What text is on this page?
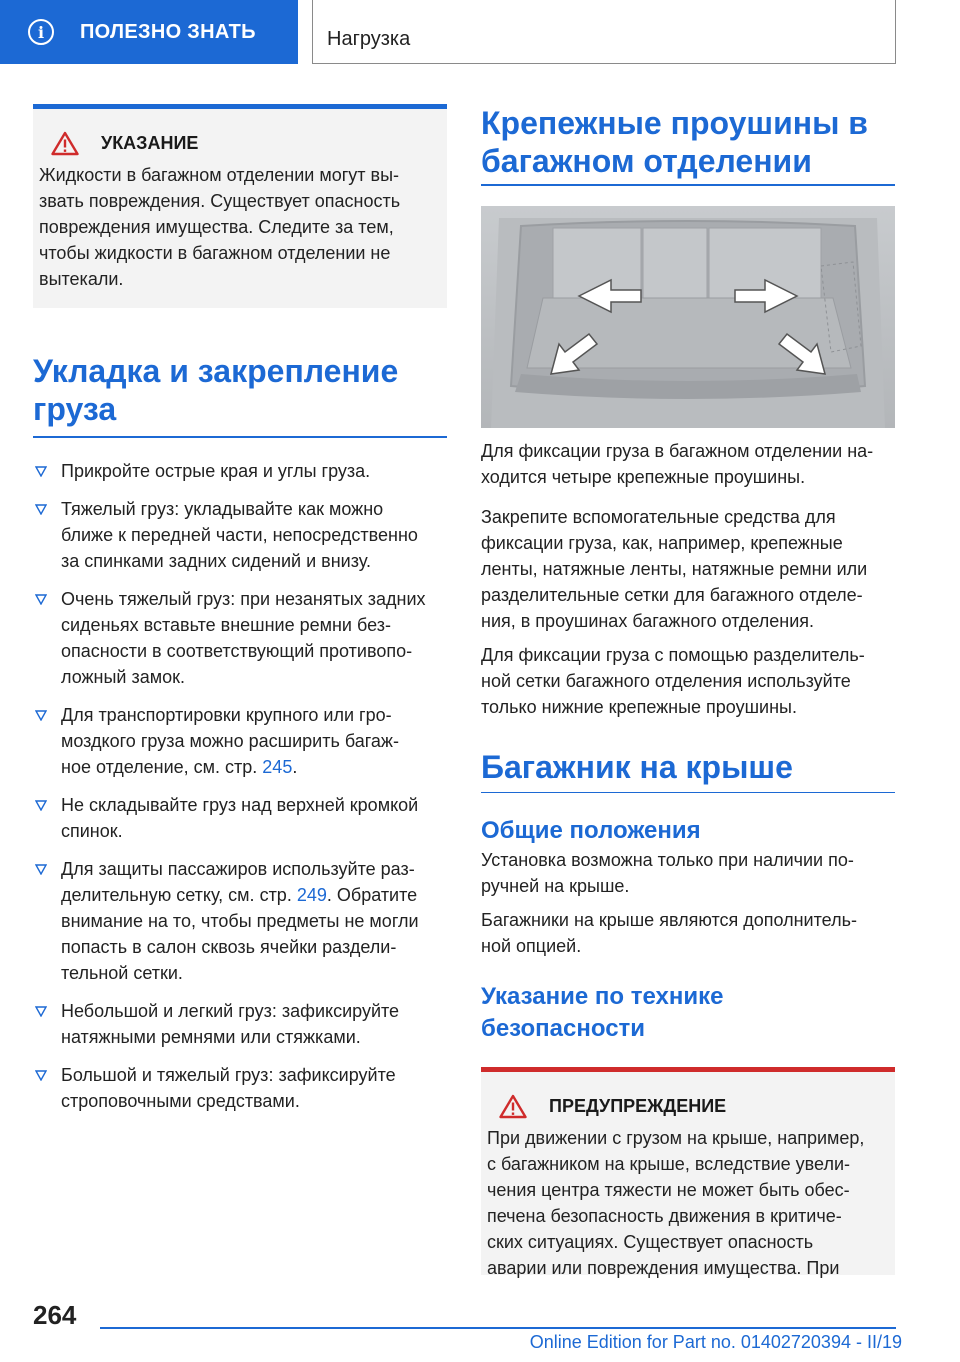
i	ПОЛЕЗНО ЗНАТЬ	Нагрузка
УКАЗАНИЕ
Жидкости в багажном отделении могут вы-
звать повреждения. Существует опасность
повреждения имущества. Следите за тем,
чтобы жидкости в багажном отделении не
вытекали.
Укладка и закрепление
груза
Прикройте острые края и углы груза.
Тяжелый груз: укладывайте как можно
ближе к передней части, непосредственно
за спинками задних сидений и внизу.
Очень тяжелый груз: при незанятых задних
сиденьях вставьте внешние ремни без-
опасности в соответствующий противопо-
ложный замок.
Для транспортировки крупного или гро-
моздкого груза можно расширить багаж-
ное отделение, см. стр. 245.
Не складывайте груз над верхней кромкой
спинок.
Для защиты пассажиров используйте раз-
делительную сетку, см. стр. 249. Обратите
внимание на то, чтобы предметы не могли
попасть в салон сквозь ячейки раздели-
тельной сетки.
Небольшой и легкий груз: зафиксируйте
натяжными ремнями или стяжками.
Большой и тяжелый груз: зафиксируйте
строповочными средствами.
Крепежные проушины в
багажном отделении
Для фиксации груза в багажном отделении на-
ходится четыре крепежные проушины.
Закрепите вспомогательные средства для
фиксации груза, как, например, крепежные
ленты, натяжные ленты, натяжные ремни или
разделительные сетки для багажного отделе-
ния, в проушинах багажного отделения.
Для фиксации груза с помощью разделитель-
ной сетки багажного отделения используйте
только нижние крепежные проушины.
Багажник на крыше
Общие положения
Установка возможна только при наличии по-
ручней на крыше.
Багажники на крыше являются дополнитель-
ной опцией.
Указание по технике
безопасности
ПРЕДУПРЕЖДЕНИЕ
При движении с грузом на крыше, например,
с багажником на крыше, вследствие увели-
чения центра тяжести не может быть обес-
печена безопасность движения в критиче-
ских ситуациях. Существует опасность
аварии или повреждения имущества. При
264
Online Edition for Part no. 01402720394 - II/19
